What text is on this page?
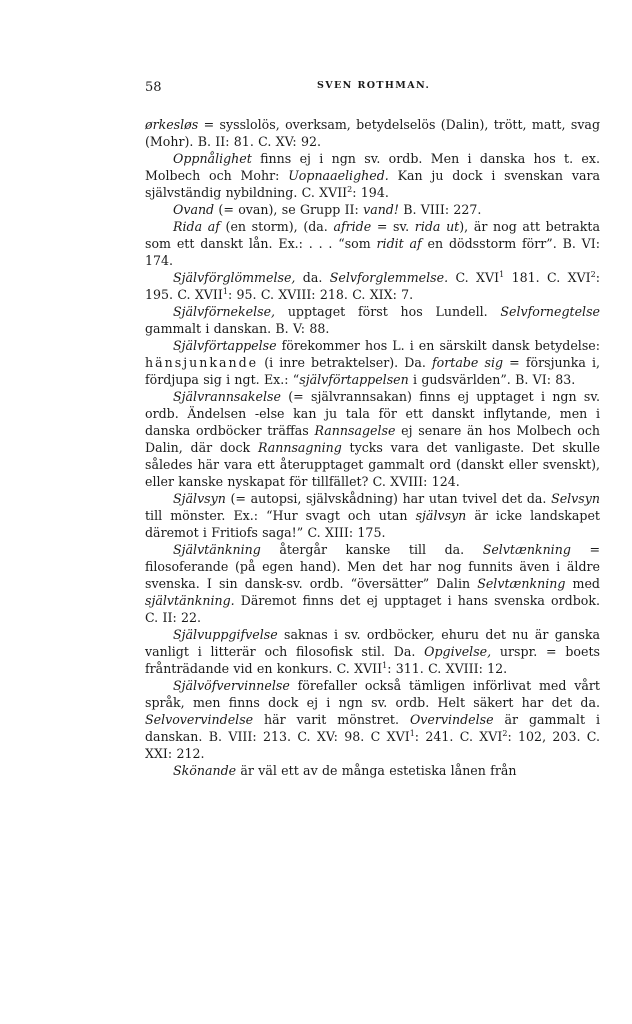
58	SVEN ROTHMAN.

ørkesløs = sysslolös, overksam, betydelselös (Dalin), trött, matt, svag (Mohr). B. II: 81. C. XV: 92.

Oppnålighet finns ej i ngn sv. ordb. Men i danska hos t. ex. Molbech och Mohr: Uopnaaelighed. Kan ju dock i svenskan vara självständig nybildning. C. XVII$^2$: 194.

Ovand (= ovan), se Grupp II: vand! B. VIII: 227.

Rida af (en storm), (da. afride = sv. rida ut), är nog att betrakta som ett danskt lån. Ex.: . . . “som ridit af en dödsstorm förr”. B. VI: 174.

Självförglömmelse, da. Selvforglemmelse. C. XVI$^1$ 181. C. XVI$^2$: 195. C. XVII$^1$: 95. C. XVIII: 218. C. XIX: 7.

Självförnekelse, upptaget först hos Lundell. Selvfornegtelse gammalt i danskan. B. V: 88.

Självförtappelse förekommer hos L. i en särskilt dansk betydelse: hänsjunkande (i inre betraktelser). Da. fortabe sig = försjunka i, fördjupa sig i ngt. Ex.: “självförtappelsen i gudsvärlden”. B. VI: 83.

Självrannsakelse (= självrannsakan) finns ej upptaget i ngn sv. ordb. Ändelsen -else kan ju tala för ett danskt inflytande, men i danska ordböcker träffas Rannsagelse ej senare än hos Molbech och Dalin, där dock Rannsagning tycks vara det vanligaste. Det skulle således här vara ett återupptaget gammalt ord (danskt eller svenskt), eller kanske nyskapat för tillfället? C. XVIII: 124.

Självsyn (= autopsi, självskådning) har utan tvivel det da. Selvsyn till mönster. Ex.: “Hur svagt och utan självsyn är icke landskapet däremot i Fritiofs saga!” C. XIII: 175.

Självtänkning återgår kanske till da. Selvtænkning = filosoferande (på egen hand). Men det har nog funnits även i äldre svenska. I sin dansk-sv. ordb. “översätter” Dalin Selvtænkning med självtänkning. Däremot finns det ej upptaget i hans svenska ordbok. C. II: 22.

Självuppgifvelse saknas i sv. ordböcker, ehuru det nu är ganska vanligt i litterär och filosofisk stil. Da. Opgivelse, urspr. = boets frånträdande vid en konkurs. C. XVII$^1$: 311. C. XVIII: 12.

Självöfvervinnelse förefaller också tämligen införlivat med vårt språk, men finns dock ej i ngn sv. ordb. Helt säkert har det da. Selvovervindelse här varit mönstret. Overvindelse är gammalt i danskan. B. VIII: 213. C. XV: 98. C XVI$^1$: 241. C. XVI$^2$: 102, 203. C. XXI: 212.

Skönande är väl ett av de många estetiska lånen från
